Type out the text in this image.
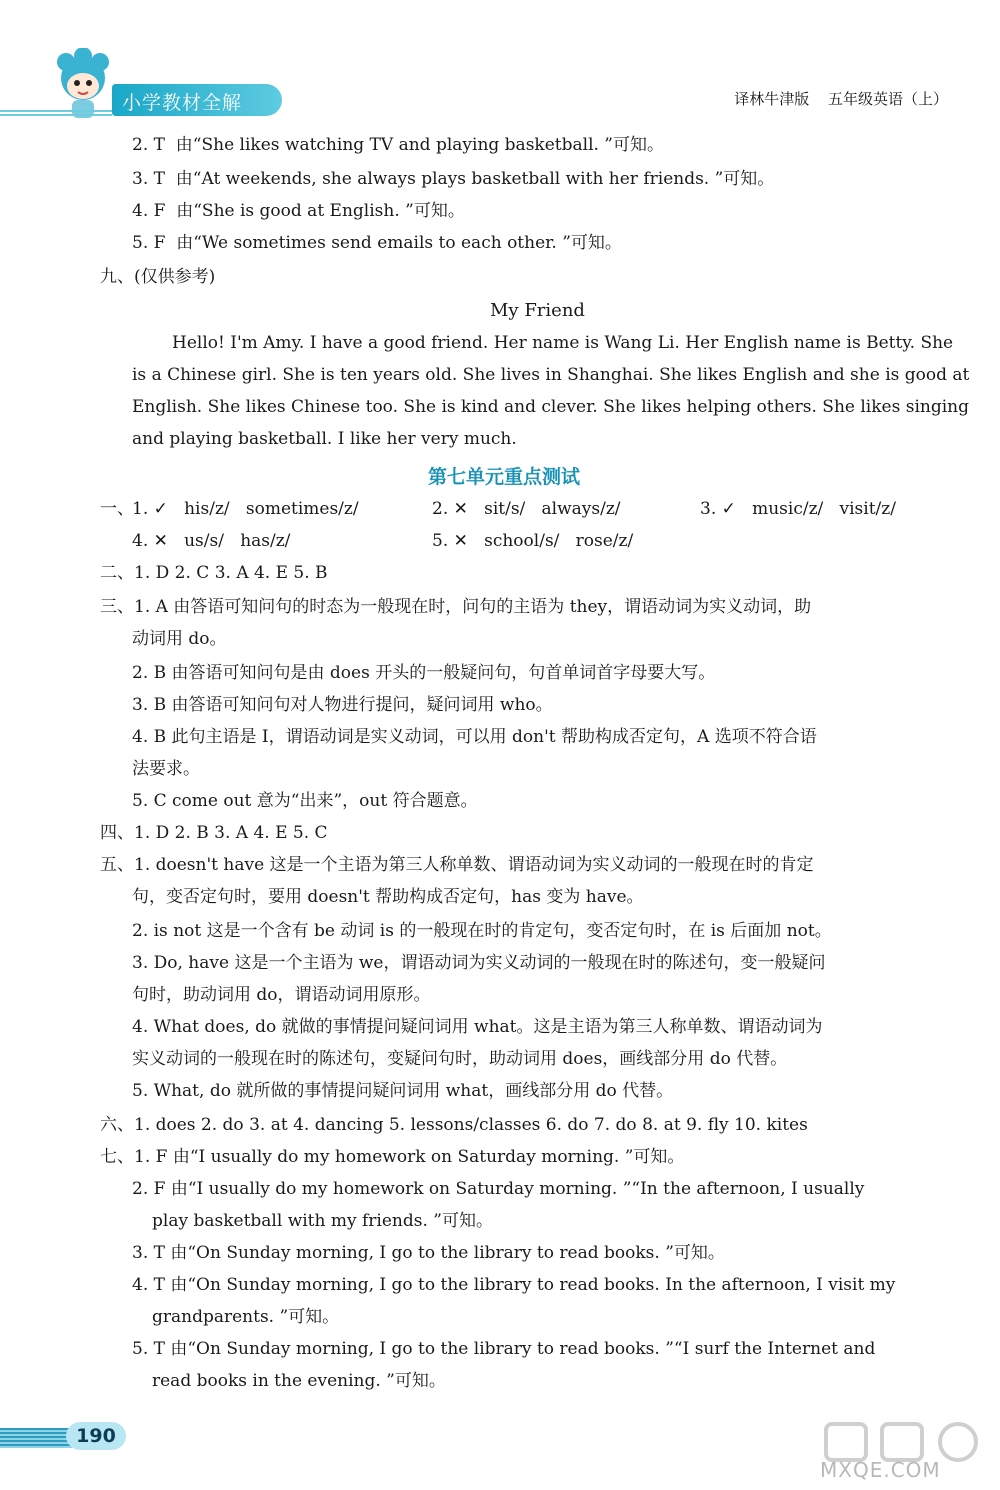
小学教材全解	译林牛津版 五年级英语（上）
2. T 由“She likes watching TV and playing basketball. ”可知。
3. T 由“At weekends, she always plays basketball with her friends. ”可知。
4. F 由“She is good at English. ”可知。
5. F 由“We sometimes send emails to each other. ”可知。
九、(仅供参考)
My Friend
Hello! I'm Amy. I have a good friend. Her name is Wang Li. Her English name is Betty. She
is a Chinese girl. She is ten years old. She lives in Shanghai. She likes English and she is good at
English. She likes Chinese too. She is kind and clever. She likes helping others. She likes singing
and playing basketball. I like her very much.
第七单元重点测试
一、
1. ✓ his/z/ sometimes/z/	2. ✕ sit/s/ always/z/	3. ✓ music/z/ visit/z/
4. ✕ us/s/ has/z/	5. ✕ school/s/ rose/z/
二、1. D 2. C 3. A 4. E 5. B
三、1. A 由答语可知问句的时态为一般现在时，问句的主语为 they，谓语动词为实义动词，助
动词用 do。
2. B 由答语可知问句是由 does 开头的一般疑问句，句首单词首字母要大写。
3. B 由答语可知问句对人物进行提问，疑问词用 who。
4. B 此句主语是 I，谓语动词是实义动词，可以用 don't 帮助构成否定句，A 选项不符合语
法要求。
5. C come out 意为“出来”，out 符合题意。
四、1. D 2. B 3. A 4. E 5. C
五、1. doesn't have 这是一个主语为第三人称单数、谓语动词为实义动词的一般现在时的肯定
句，变否定句时，要用 doesn't 帮助构成否定句，has 变为 have。
2. is not 这是一个含有 be 动词 is 的一般现在时的肯定句，变否定句时，在 is 后面加 not。
3. Do, have 这是一个主语为 we，谓语动词为实义动词的一般现在时的陈述句，变一般疑问
句时，助动词用 do，谓语动词用原形。
4. What does, do 就做的事情提问疑问词用 what。这是主语为第三人称单数、谓语动词为
实义动词的一般现在时的陈述句，变疑问句时，助动词用 does，画线部分用 do 代替。
5. What, do 就所做的事情提问疑问词用 what，画线部分用 do 代替。
六、1. does 2. do 3. at 4. dancing 5. lessons/classes 6. do 7. do 8. at 9. fly 10. kites
七、1. F 由“I usually do my homework on Saturday morning. ”可知。
2. F 由“I usually do my homework on Saturday morning. ”“In the afternoon, I usually
play basketball with my friends. ”可知。
3. T 由“On Sunday morning, I go to the library to read books. ”可知。
4. T 由“On Sunday morning, I go to the library to read books. In the afternoon, I visit my
grandparents. ”可知。
5. T 由“On Sunday morning, I go to the library to read books. ”“I surf the Internet and
read books in the evening. ”可知。
190
MXQE.COM
